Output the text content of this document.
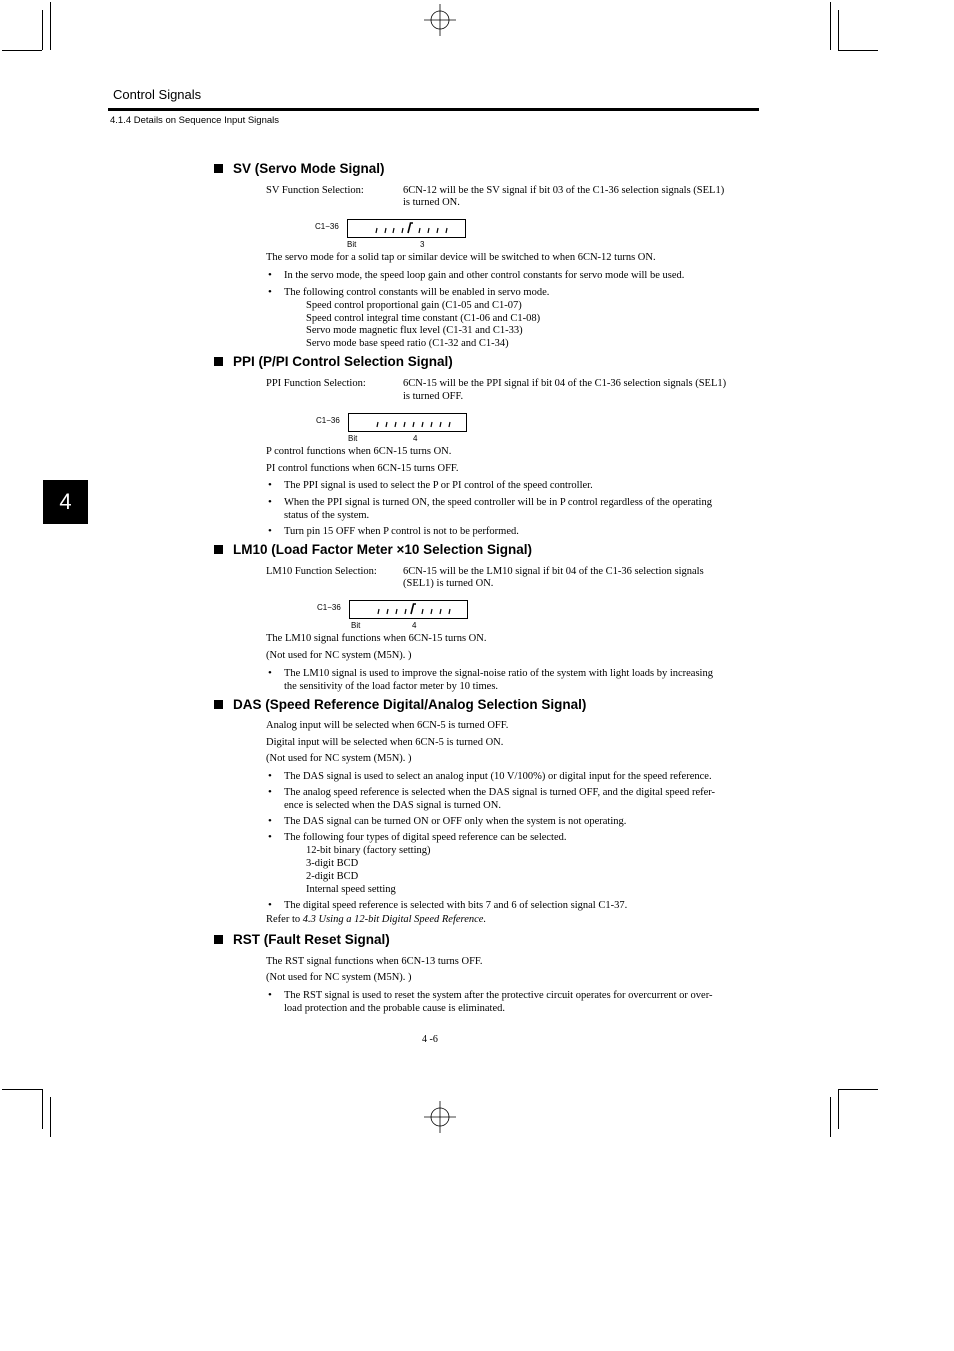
Control Signals
4.1.4 Details on Sequence Input Signals
4
SV (Servo Mode Signal)
SV Function Selection:	6CN-12 will be the SV signal if bit 03 of the C1-36 selection signals (SEL1)
is turned ON.
C1−36
Bit	3
The servo mode for a solid tap or similar device will be switched to when 6CN-12 turns ON.
• In the servo mode, the speed loop gain and other control constants for servo mode will be used.
• The following control constants will be enabled in servo mode.
Speed control proportional gain (C1-05 and C1-07)
Speed control integral time constant (C1-06 and C1-08)
Servo mode magnetic flux level (C1-31 and C1-33)
Servo mode base speed ratio (C1-32 and C1-34)
PPI (P/PI Control Selection Signal)
PPI Function Selection:	6CN-15 will be the PPI signal if bit 04 of the C1-36 selection signals (SEL1)
is turned OFF.
C1−36
Bit	4
P control functions when 6CN-15 turns ON.
PI control functions when 6CN-15 turns OFF.
• The PPI signal is used to select the P or PI control of the speed controller.
• When the PPI signal is turned ON, the speed controller will be in P control regardless of the operating
status of the system.
• Turn pin 15 OFF when P control is not to be performed.
LM10 (Load Factor Meter ×10 Selection Signal)
LM10 Function Selection: 6CN-15 will be the LM10 signal if bit 04 of the C1-36 selection signals
(SEL1) is turned ON.
C1−36
Bit	4
The LM10 signal functions when 6CN-15 turns ON.
(Not used for NC system (M5N). )
• The LM10 signal is used to improve the signal-noise ratio of the system with light loads by increasing
the sensitivity of the load factor meter by 10 times.
DAS (Speed Reference Digital/Analog Selection Signal)
Analog input will be selected when 6CN-5 is turned OFF.
Digital input will be selected when 6CN-5 is turned ON.
(Not used for NC system (M5N). )
• The DAS signal is used to select an analog input (10 V/100%) or digital input for the speed reference.
• The analog speed reference is selected when the DAS signal is turned OFF, and the digital speed refer-
ence is selected when the DAS signal is turned ON.
• The DAS signal can be turned ON or OFF only when the system is not operating.
• The following four types of digital speed reference can be selected.
12-bit binary (factory setting)
3-digit BCD
2-digit BCD
Internal speed setting
• The digital speed reference is selected with bits 7 and 6 of selection signal C1-37.
Refer to 4.3 Using a 12-bit Digital Speed Reference.
RST (Fault Reset Signal)
The RST signal functions when 6CN-13 turns OFF.
(Not used for NC system (M5N). )
• The RST signal is used to reset the system after the protective circuit operates for overcurrent or over-
load protection and the probable cause is eliminated.
4 -6
